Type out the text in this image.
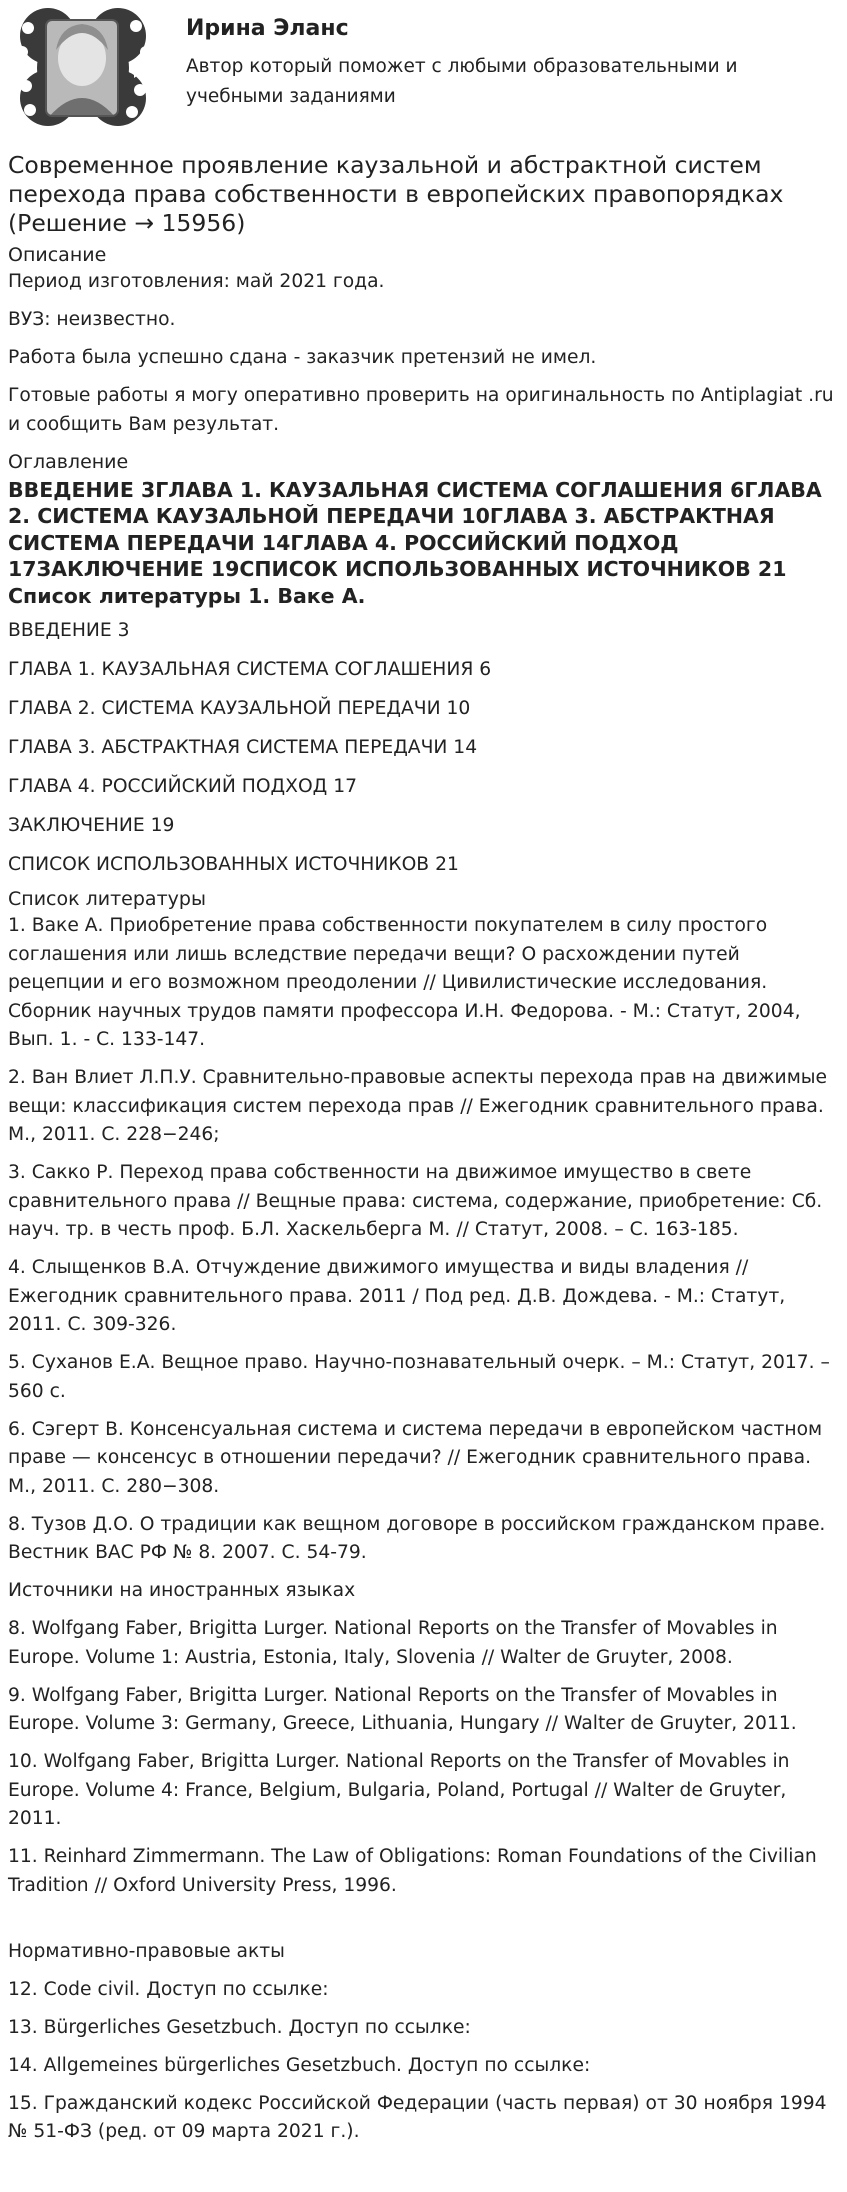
Ирина Эланс
Автор который поможет с любыми образовательными и учебными заданиями
Современное проявление каузальной и абстрактной систем перехода права собственности в европейских правопорядках (Решение → 15956)
Описание

Период изготовления: май 2021 года.

ВУЗ: неизвестно.

Работа была успешно сдана - заказчик претензий не имел.

Готовые работы я могу оперативно проверить на оригинальность по Antiplagiat .ru и сообщить Вам результат.

Оглавление
ВВЕДЕНИЕ 3ГЛАВА 1. КАУЗАЛЬНАЯ СИСТЕМА СОГЛАШЕНИЯ 6ГЛАВА 2. СИСТЕМА КАУЗАЛЬНОЙ ПЕРЕДАЧИ 10ГЛАВА 3. АБСТРАКТНАЯ СИСТЕМА ПЕРЕДАЧИ 14ГЛАВА 4. РОССИЙСКИЙ ПОДХОД 17ЗАКЛЮЧЕНИЕ 19СПИСОК ИСПОЛЬЗОВАННЫХ ИСТОЧНИКОВ 21 Список литературы 1. Ваке А.

ВВЕДЕНИЕ 3

ГЛАВА 1. КАУЗАЛЬНАЯ СИСТЕМА СОГЛАШЕНИЯ 6

ГЛАВА 2. СИСТЕМА КАУЗАЛЬНОЙ ПЕРЕДАЧИ 10

ГЛАВА 3. АБСТРАКТНАЯ СИСТЕМА ПЕРЕДАЧИ 14

ГЛАВА 4. РОССИЙСКИЙ ПОДХОД 17

ЗАКЛЮЧЕНИЕ 19

СПИСОК ИСПОЛЬЗОВАННЫХ ИСТОЧНИКОВ 21

Список литературы

1. Ваке А. Приобретение права собственности покупателем в силу простого соглашения или лишь вследствие передачи вещи? О расхождении путей рецепции и его возможном преодолении // Цивилистические исследования. Сборник научных трудов памяти профессора И.Н. Федорова. - М.: Статут, 2004, Вып. 1. - С. 133-147.

2. Ван Влиет Л.П.У. Сравнительно-правовые аспекты перехода прав на движимые вещи: классификация систем перехода прав // Ежегодник сравнительного права. М., 2011. С. 228−246;

3. Сакко Р. Переход права собственности на движимое имущество в свете сравнительного права // Вещные права: система, содержание, приобретение: Сб. науч. тр. в честь проф. Б.Л. Хаскельберга М. // Статут, 2008. – С. 163-185.

4. Слыщенков В.А. Отчуждение движимого имущества и виды владения // Ежегодник сравнительного права. 2011 / Под ред. Д.В. Дождева. - М.: Статут, 2011. С. 309-326.

5. Суханов Е.А. Вещное право. Научно-познавательный очерк. – М.: Статут, 2017. – 560 с.

6. Сэгерт В. Консенсуальная система и система передачи в европейском частном праве — консенсус в отношении передачи? // Ежегодник сравнительного права. М., 2011. С. 280−308.

8. Тузов Д.О. О традиции как вещном договоре в российском гражданском праве. Вестник ВАС РФ № 8. 2007. С. 54-79.

Источники на иностранных языках

8. Wolfgang Faber, Brigitta Lurger. National Reports on the Transfer of Movables in Europe. Volume 1: Austria, Estonia, Italy, Slovenia // Walter de Gruyter, 2008.

9. Wolfgang Faber, Brigitta Lurger. National Reports on the Transfer of Movables in Europe. Volume 3: Germany, Greece, Lithuania, Hungary // Walter de Gruyter, 2011.

10. Wolfgang Faber, Brigitta Lurger. National Reports on the Transfer of Movables in Europe. Volume 4: France, Belgium, Bulgaria, Poland, Portugal // Walter de Gruyter, 2011.

11. Reinhard Zimmermann. The Law of Obligations: Roman Foundations of the Civilian Tradition // Oxford University Press, 1996.

Нормативно-правовые акты

12. Code civil. Доступ по ссылке:

13. Bürgerliches Gesetzbuch. Доступ по ссылке:

14. Allgemeines bürgerliches Gesetzbuch. Доступ по ссылке:

15. Гражданский кодекс Российской Федерации (часть первая) от 30 ноября 1994 № 51-ФЗ (ред. от 09 марта 2021 г.).
